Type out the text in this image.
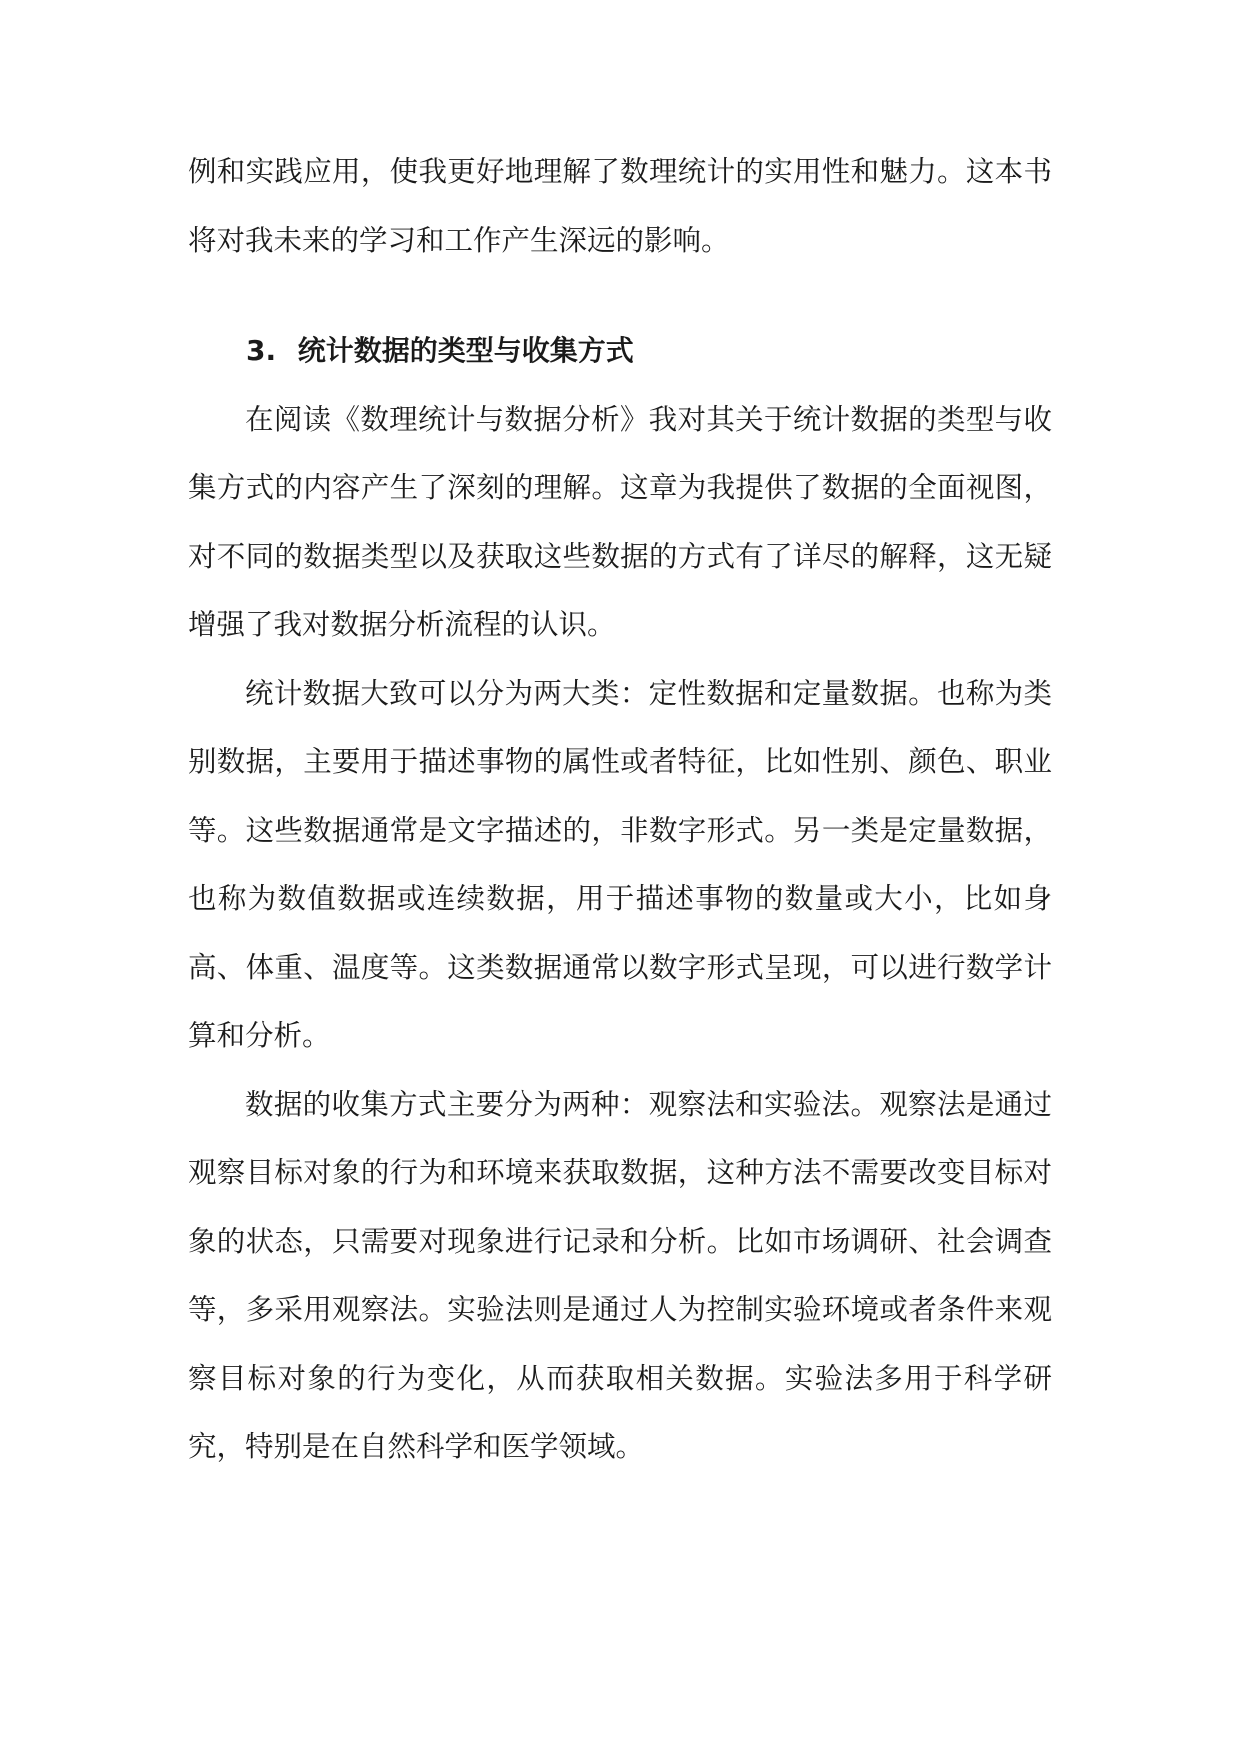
例和实践应用，使我更好地理解了数理统计的实用性和魅力。这本书将对我未来的学习和工作产生深远的影响。

3. 统计数据的类型与收集方式

在阅读《数理统计与数据分析》我对其关于统计数据的类型与收集方式的内容产生了深刻的理解。这章为我提供了数据的全面视图，对不同的数据类型以及获取这些数据的方式有了详尽的解释，这无疑增强了我对数据分析流程的认识。

统计数据大致可以分为两大类：定性数据和定量数据。也称为类别数据，主要用于描述事物的属性或者特征，比如性别、颜色、职业等。这些数据通常是文字描述的，非数字形式。另一类是定量数据，也称为数值数据或连续数据，用于描述事物的数量或大小，比如身高、体重、温度等。这类数据通常以数字形式呈现，可以进行数学计算和分析。

数据的收集方式主要分为两种：观察法和实验法。观察法是通过观察目标对象的行为和环境来获取数据，这种方法不需要改变目标对象的状态，只需要对现象进行记录和分析。比如市场调研、社会调查等，多采用观察法。实验法则是通过人为控制实验环境或者条件来观察目标对象的行为变化，从而获取相关数据。实验法多用于科学研究，特别是在自然科学和医学领域。
